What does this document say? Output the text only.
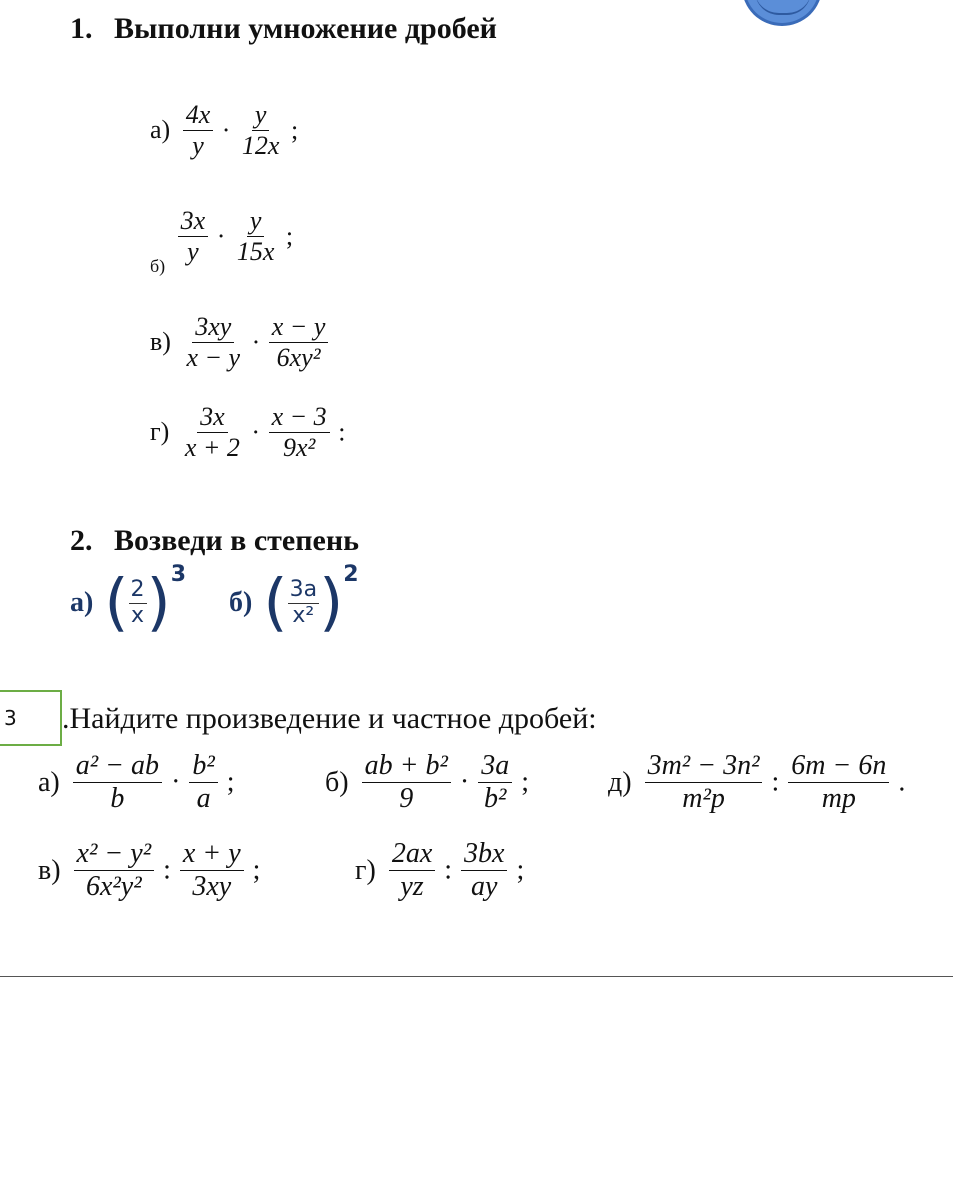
1. Выполни умножение дробей
$а) \frac{4x}{y} \cdot \frac{y}{12x}$ ;
$_{б)} \frac{3x}{y} \cdot \frac{y}{15x}$ ;
$в) \frac{3xy}{x - y} \cdot \frac{x - y}{\text{6xy²}}$
$г) \frac{3x}{x + 2} \cdot \frac{x - 3}{\text{9x²}}$ :
2. Возведи в степень
а) ( $\frac{2}{x} )^3$ б) ( $\frac{3a}{\text{x²}} )^2$
3	.Найдите произведение и частное дробей:
$а) \frac{\text{a² − ab}}{b} \cdot \frac{\text{b²}}{a}$ ;	$б) \frac{\text{ab + b²}}{9} \cdot \frac{3a}{\text{b²}}$ ;	$д) \frac{\text{3m² − 3n²}}{\text{m²p}}$ : $\frac{6m - 6n}{mp}$ .
$в) \frac{\text{x² − y²}}{\text{6x²y²}}$ : $\frac{x + y}{3xy}$ ;	$г) \frac{2ax}{yz}$ : $\frac{3bx}{ay}$ ;
